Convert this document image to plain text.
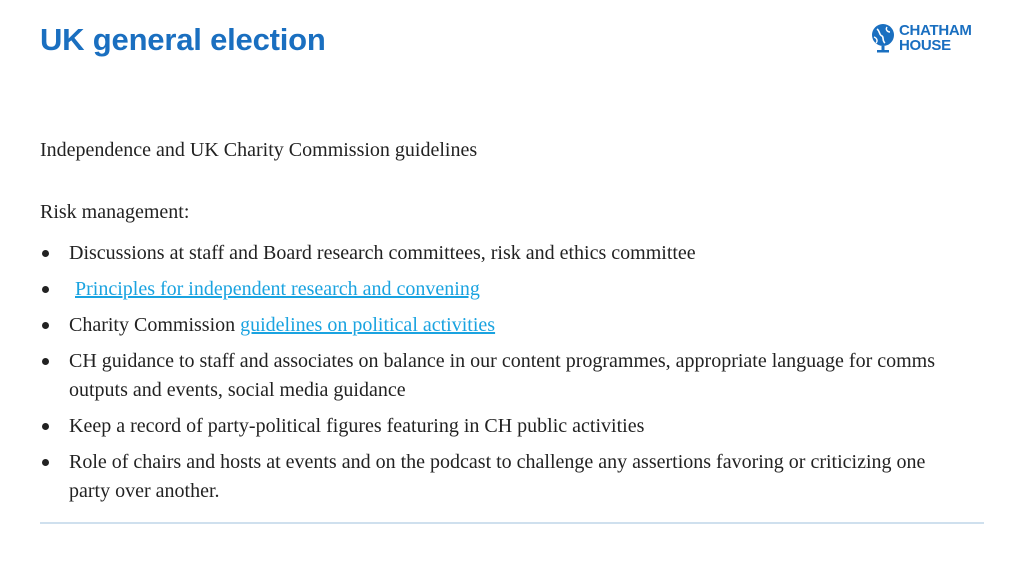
UK general election	CHATHAM
HOUSE

Independence and UK Charity Commission guidelines

Risk management:

Discussions at staff and Board research committees, risk and ethics committee
Principles for independent research and convening
Charity Commission guidelines on political activities
CH guidance to staff and associates on balance in our content programmes, appropriate language for comms outputs and events, social media guidance
Keep a record of party-political figures featuring in CH public activities
Role of chairs and hosts at events and on the podcast to challenge any assertions favoring or criticizing one party over another.
